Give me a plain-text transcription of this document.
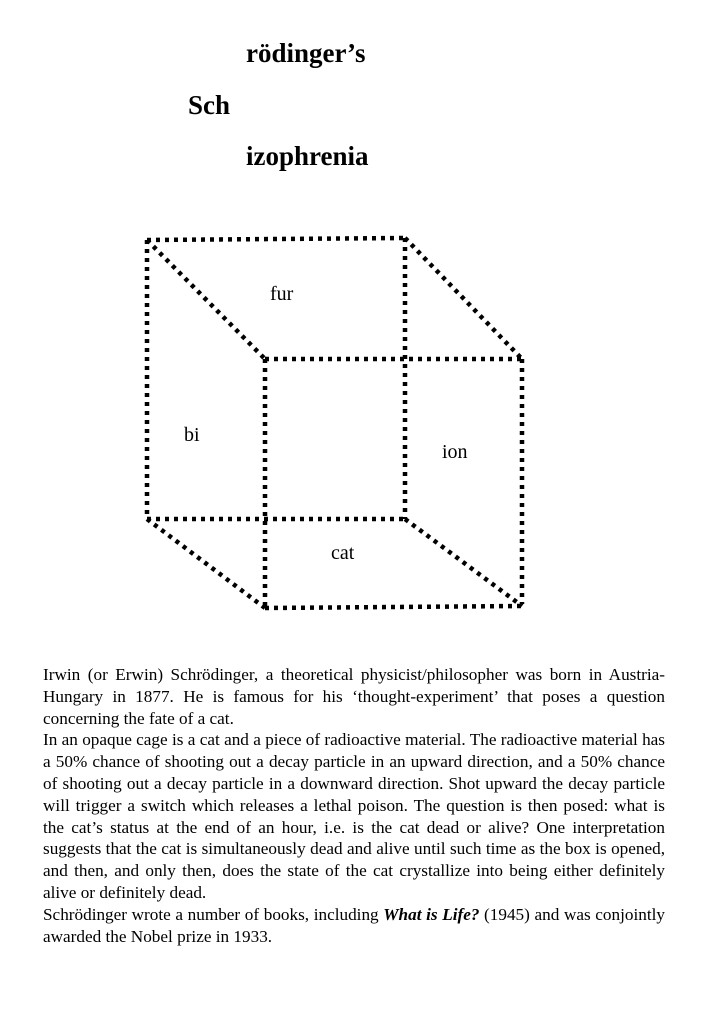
rödinger’s
Sch
izophrenia
fur
bi
ion
cat

Irwin (or Erwin) Schrödinger, a theoretical physicist/philosopher was born in Austria-Hungary in 1877. He is famous for his ‘thought-experiment’ that poses a question concerning the fate of a cat.

In an opaque cage is a cat and a piece of radioactive material. The radioactive material has a 50% chance of shooting out a decay particle in an upward direction, and a 50% chance of shooting out a decay particle in a downward direction. Shot upward the decay particle will trigger a switch which releases a lethal poison. The question is then posed: what is the cat’s status at the end of an hour, i.e. is the cat dead or alive? One interpretation suggests that the cat is simultaneously dead and alive until such time as the box is opened, and then, and only then, does the state of the cat crystallize into being either definitely alive or definitely dead.

Schrödinger wrote a number of books, including What is Life? (1945) and was conjointly awarded the Nobel prize in 1933.
